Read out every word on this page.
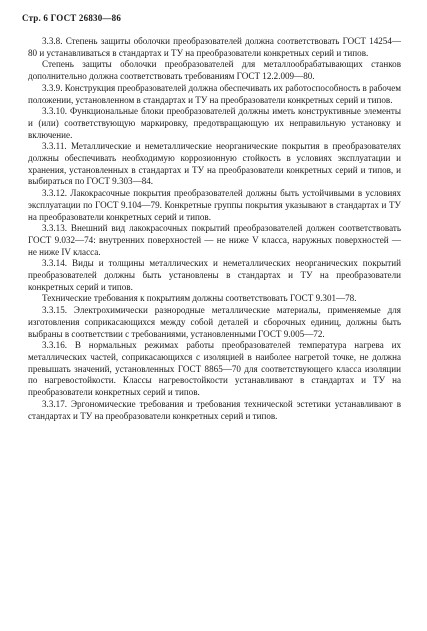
Стр. 6 ГОСТ 26830—86

3.3.8. Степень защиты оболочки преобразователей должна соответствовать ГОСТ 14254—80 и устанавливаться в стандартах и ТУ на преобразователи конкретных серий и типов.

Степень защиты оболочки преобразователей для металлообрабатывающих станков дополнительно должна соответствовать требованиям ГОСТ 12.2.009—80.

3.3.9. Конструкция преобразователей должна обеспечивать их работоспособность в рабочем положении, установленном в стандартах и ТУ на преобразователи конкретных серий и типов.

3.3.10. Функциональные блоки преобразователей должны иметь конструктивные элементы и (или) соответствующую маркировку, предотвращающую их неправильную установку и включение.

3.3.11. Металлические и неметаллические неорганические покрытия в преобразователях должны обеспечивать необходимую коррозионную стойкость в условиях эксплуатации и хранения, установленных в стандартах и ТУ на преобразователи конкретных серий и типов, и выбираться по ГОСТ 9.303—84.

3.3.12. Лакокрасочные покрытия преобразователей должны быть устойчивыми в условиях эксплуатации по ГОСТ 9.104—79. Конкретные группы покрытия указывают в стандартах и ТУ на преобразователи конкретных серий и типов.

3.3.13. Внешний вид лакокрасочных покрытий преобразователей должен соответствовать ГОСТ 9.032—74: внутренних поверхностей — не ниже V класса, наружных поверхностей — не ниже IV класса.

3.3.14. Виды и толщины металлических и неметаллических неорганических покрытий преобразователей должны быть установлены в стандартах и ТУ на преобразователи конкретных серий и типов.

Технические требования к покрытиям должны соответствовать ГОСТ 9.301—78.

3.3.15. Электрохимически разнородные металлические материалы, применяемые для изготовления соприкасающихся между собой деталей и сборочных единиц, должны быть выбраны в соответствии с требованиями, установленными ГОСТ 9.005—72.

3.3.16. В нормальных режимах работы преобразователей температура нагрева их металлических частей, соприкасающихся с изоляцией в наиболее нагретой точке, не должна превышать значений, установленных ГОСТ 8865—70 для соответствующего класса изоляции по нагревостойкости. Классы нагревостойкости устанавливают в стандартах и ТУ на преобразователи конкретных серий и типов.

3.3.17. Эргономические требования и требования технической эстетики устанавливают в стандартах и ТУ на преобразователи конкретных серий и типов.
